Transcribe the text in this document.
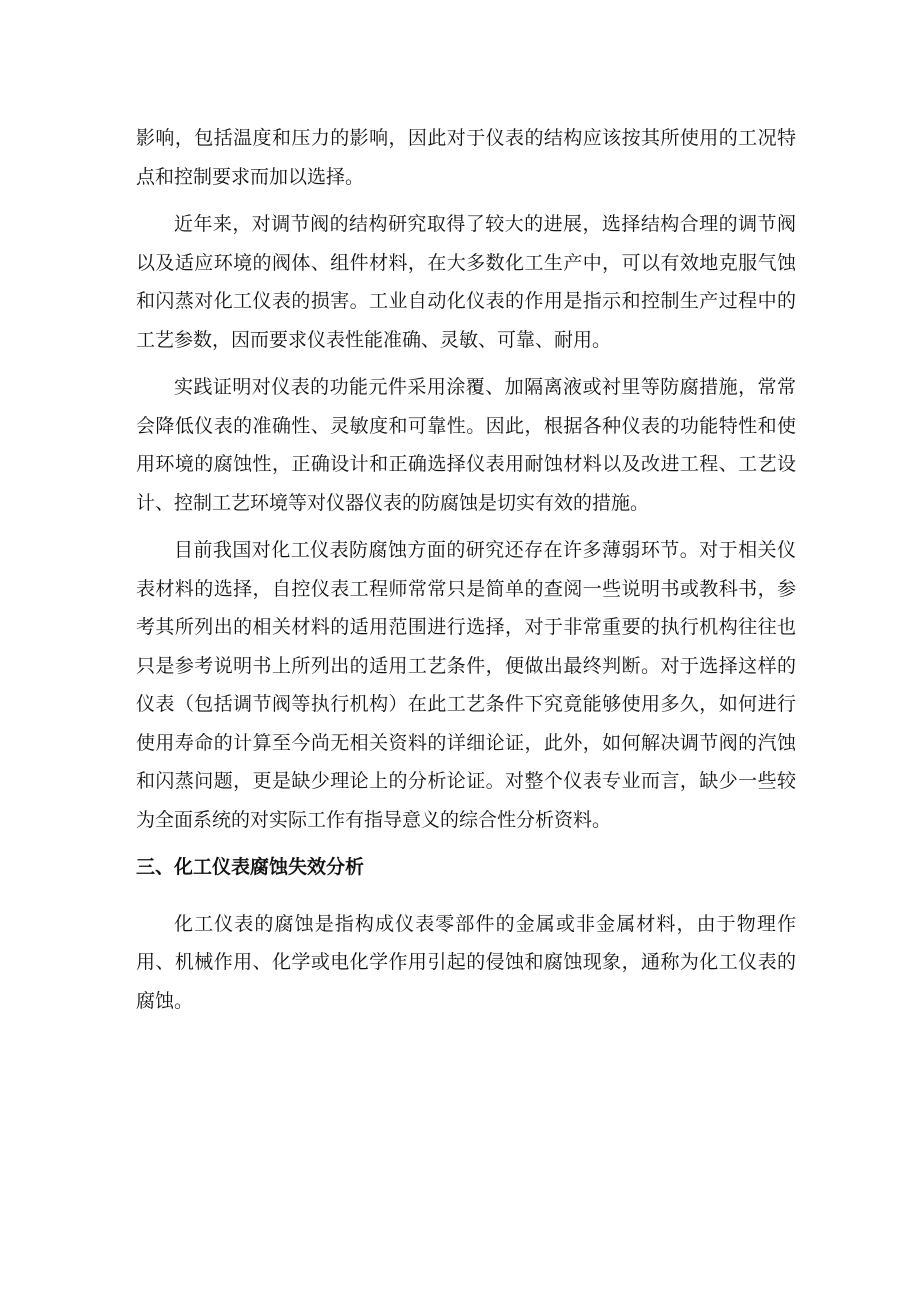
影响，包括温度和压力的影响，因此对于仪表的结构应该按其所使用的工况特点和控制要求而加以选择。

近年来，对调节阀的结构研究取得了较大的进展，选择结构合理的调节阀以及适应环境的阀体、组件材料，在大多数化工生产中，可以有效地克服气蚀和闪蒸对化工仪表的损害。工业自动化仪表的作用是指示和控制生产过程中的工艺参数，因而要求仪表性能准确、灵敏、可靠、耐用。

实践证明对仪表的功能元件采用涂覆、加隔离液或衬里等防腐措施，常常会降低仪表的准确性、灵敏度和可靠性。因此，根据各种仪表的功能特性和使用环境的腐蚀性，正确设计和正确选择仪表用耐蚀材料以及改进工程、工艺设计、控制工艺环境等对仪器仪表的防腐蚀是切实有效的措施。

目前我国对化工仪表防腐蚀方面的研究还存在许多薄弱环节。对于相关仪表材料的选择，自控仪表工程师常常只是简单的查阅一些说明书或教科书，参考其所列出的相关材料的适用范围进行选择，对于非常重要的执行机构往往也只是参考说明书上所列出的适用工艺条件，便做出最终判断。对于选择这样的仪表（包括调节阀等执行机构）在此工艺条件下究竟能够使用多久，如何进行使用寿命的计算至今尚无相关资料的详细论证，此外，如何解决调节阀的汽蚀和闪蒸问题，更是缺少理论上的分析论证。对整个仪表专业而言，缺少一些较为全面系统的对实际工作有指导意义的综合性分析资料。

三、化工仪表腐蚀失效分析

化工仪表的腐蚀是指构成仪表零部件的金属或非金属材料，由于物理作用、机械作用、化学或电化学作用引起的侵蚀和腐蚀现象，通称为化工仪表的腐蚀。
